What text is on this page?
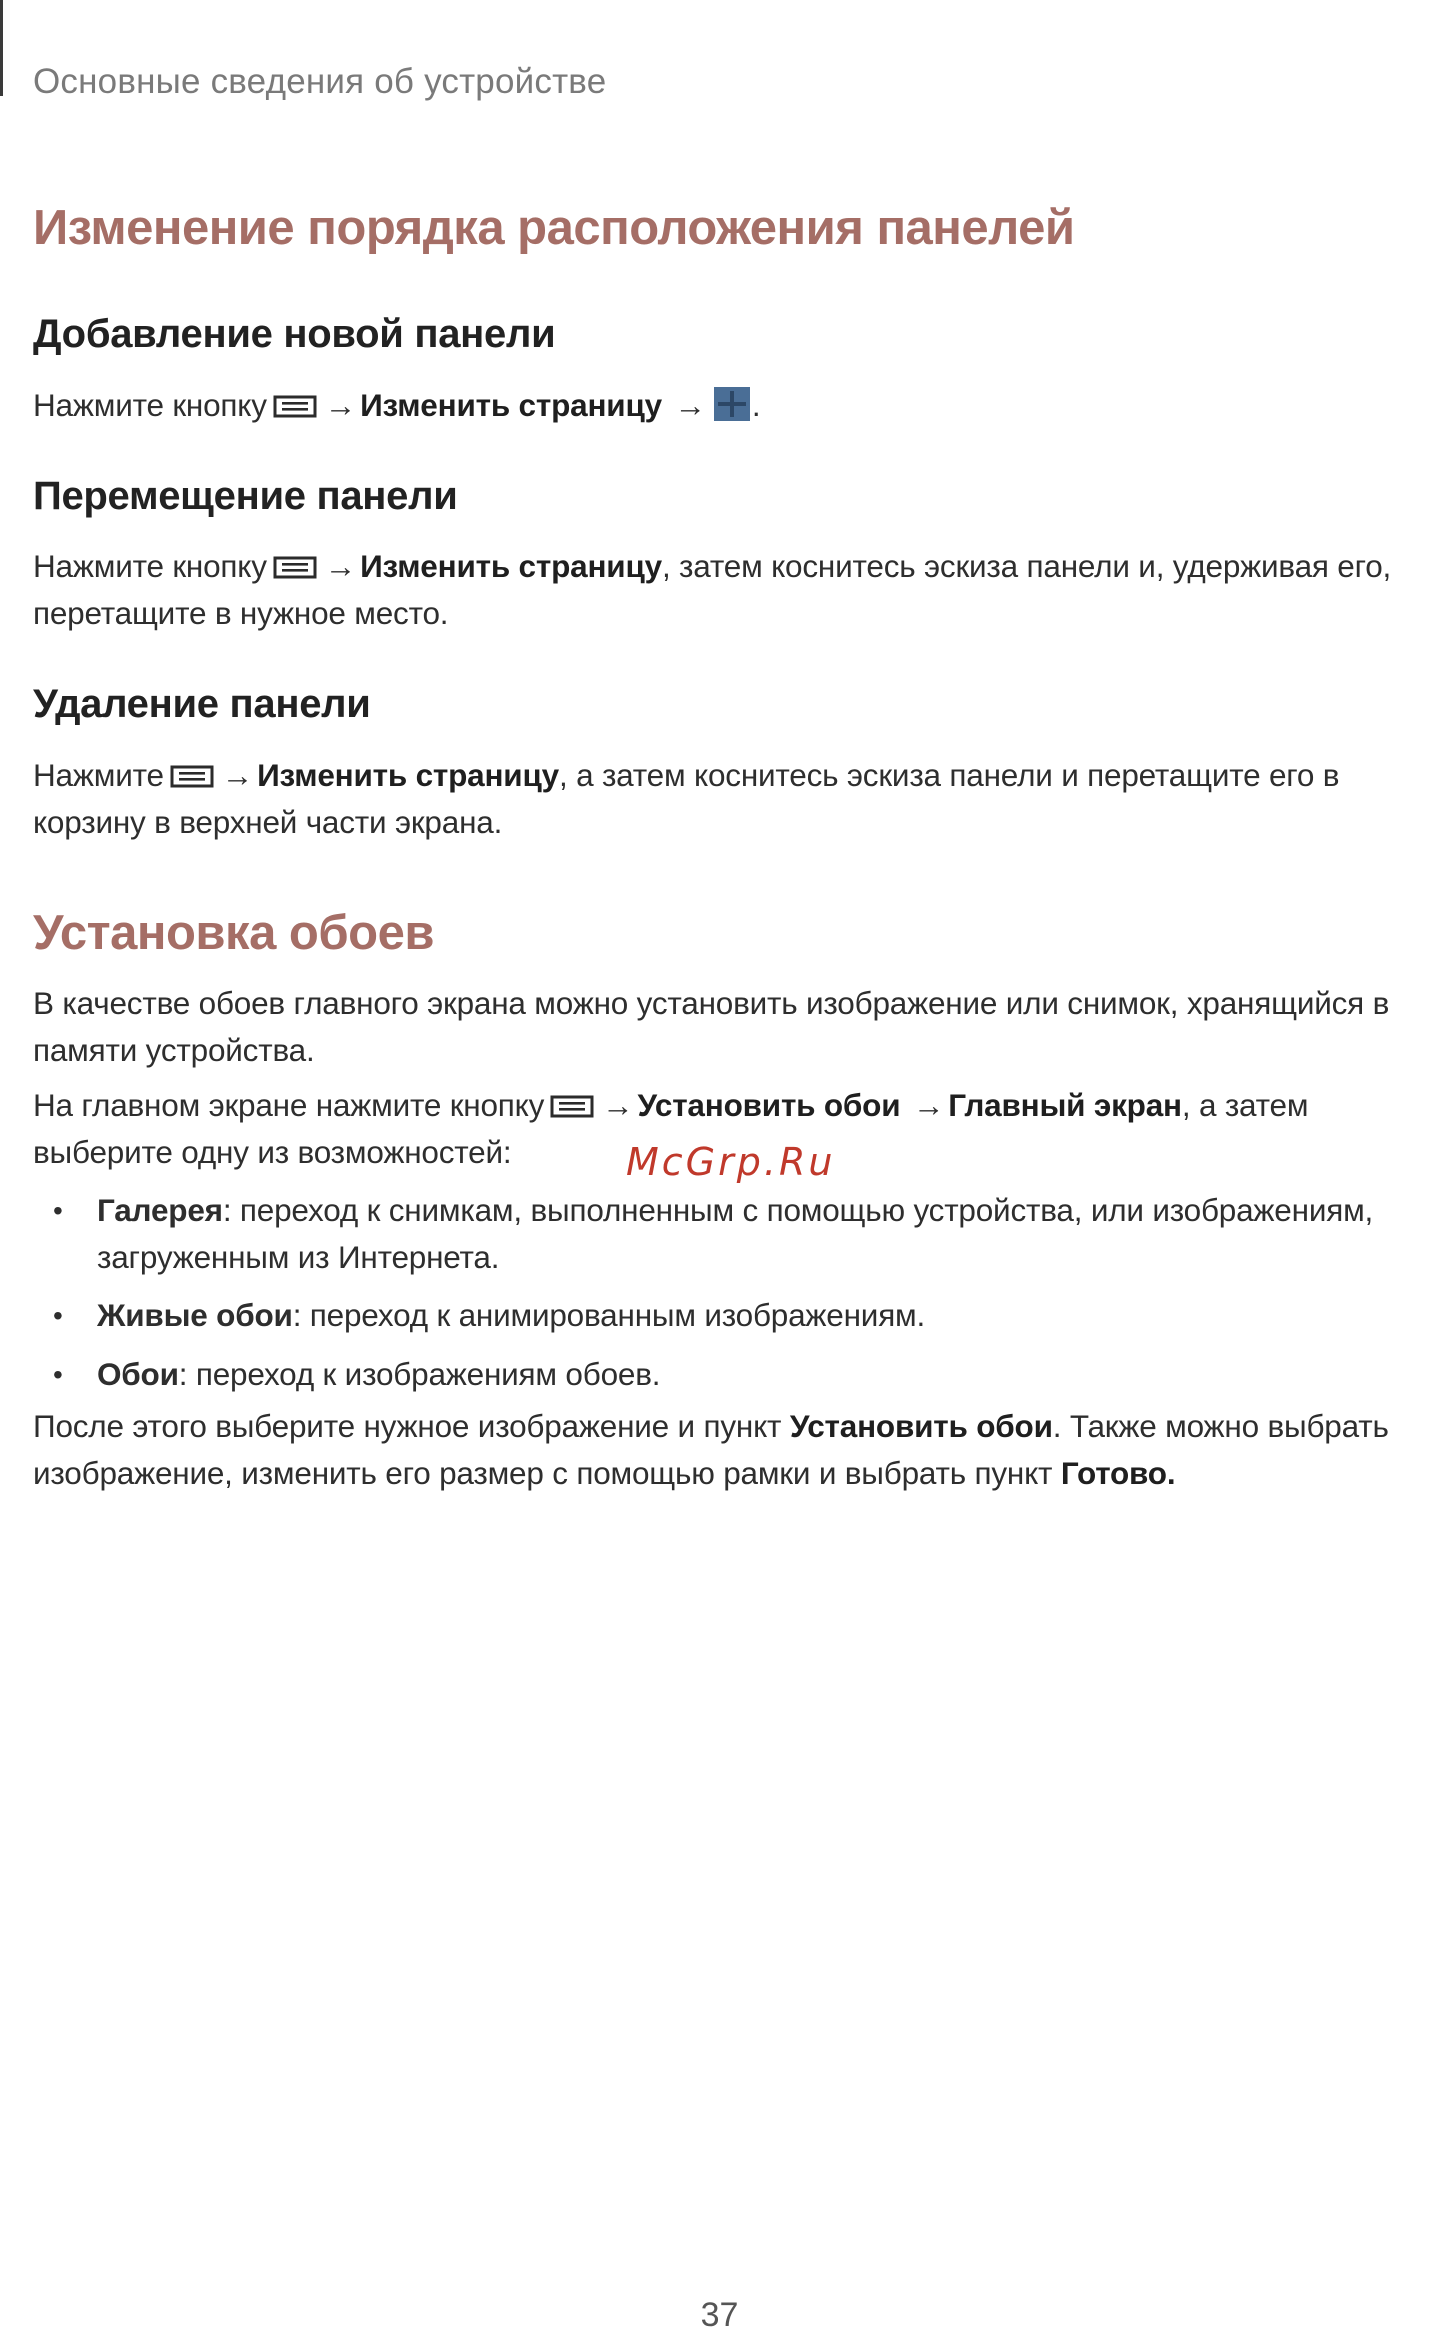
Основные сведения об устройстве
Изменение порядка расположения панелей
Добавление новой панели
Нажмите кнопку → Изменить страницу → .
Перемещение панели
Нажмите кнопку → Изменить страницу, затем коснитесь эскиза панели и, удерживая его, перетащите в нужное место.
Удаление панели
Нажмите → Изменить страницу, а затем коснитесь эскиза панели и перетащите его в корзину в верхней части экрана.
Установка обоев
В качестве обоев главного экрана можно установить изображение или снимок, хранящийся в памяти устройства.
На главном экране нажмите кнопку → Установить обои → Главный экран, а затем выберите одну из возможностей:
• Галерея: переход к снимкам, выполненным с помощью устройства, или изображениям, загруженным из Интернета.
• Живые обои: переход к анимированным изображениям.
• Обои: переход к изображениям обоев.
После этого выберите нужное изображение и пункт Установить обои. Также можно выбрать изображение, изменить его размер с помощью рамки и выбрать пункт Готово.
McGrp.Ru
37
